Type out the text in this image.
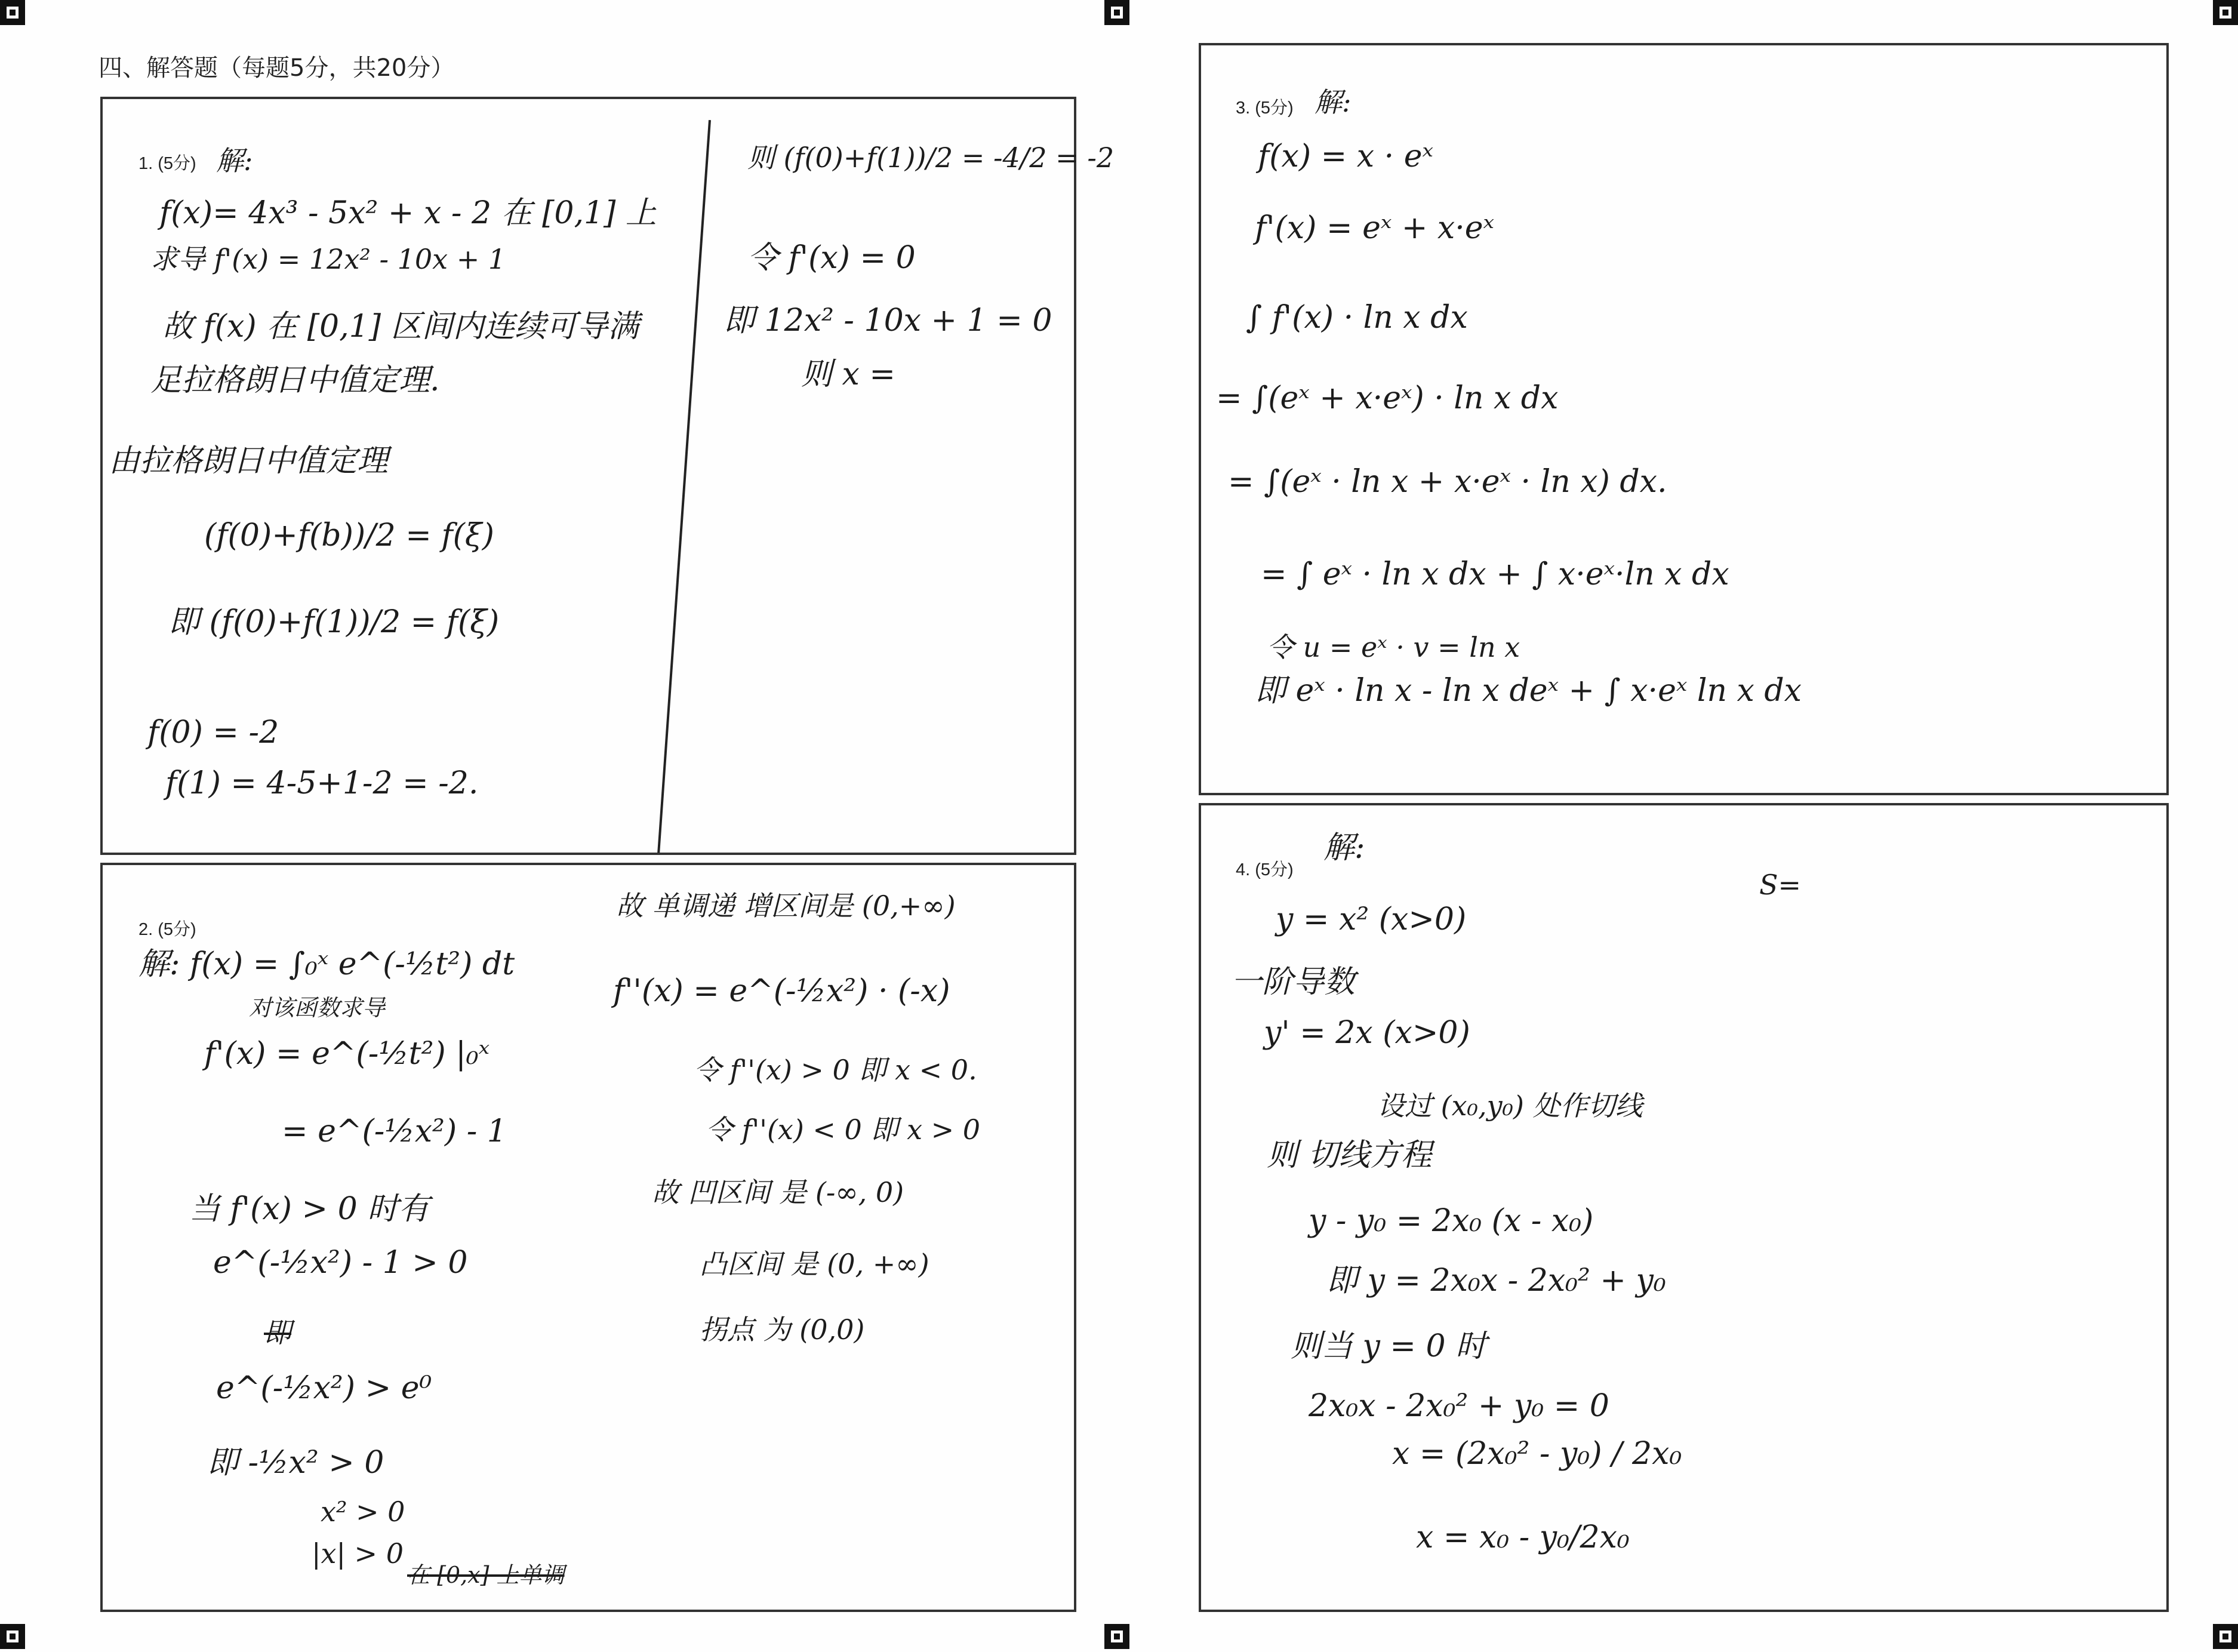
四、解答题（每题5分，共20分）
1. (5分) 解:
f(x)= 4x³ - 5x² + x - 2 在 [0,1] 上
求导 f'(x) = 12x² - 10x + 1
故 f(x) 在 [0,1] 区间内连续可导满
足拉格朗日中值定理.
由拉格朗日中值定理
(f(0)+f(b))/2 = f(ξ)
即 (f(0)+f(1))/2 = f(ξ)
f(0) = -2
f(1) = 4-5+1-2 = -2.
则 (f(0)+f(1))/2 = -4/2 = -2
令 f'(x) = 0
即 12x² - 10x + 1 = 0
则 x =
2. (5分)
解: f(x) = ∫₀ˣ e^(-½t²) dt
对该函数求导
f'(x) = e^(-½t²) |₀ˣ
= e^(-½x²) - 1
当 f'(x) > 0 时有
e^(-½x²) - 1 > 0
即
e^(-½x²) > e⁰
即 -½x² > 0
x² > 0
|x| > 0
在 [0,x] 上单调
故 单调递 增区间是 (0,+∞)
f''(x) = e^(-½x²) · (-x)
令 f''(x) > 0 即 x < 0.
令 f''(x) < 0 即 x > 0
故 凹区间 是 (-∞, 0)
凸区间 是 (0, +∞)
拐点 为 (0,0)
3. (5分) 解:
f(x) = x · eˣ
f'(x) = eˣ + x·eˣ
∫ f'(x) · ln x dx
= ∫(eˣ + x·eˣ) · ln x dx
= ∫(eˣ · ln x + x·eˣ · ln x) dx.
= ∫ eˣ · ln x dx + ∫ x·eˣ·ln x dx
令 u = eˣ · v = ln x
即 eˣ · ln x - ln x deˣ + ∫ x·eˣ ln x dx
4. (5分)
解:
S=
y = x² (x>0)
一阶导数
y' = 2x (x>0)
设过 (x₀,y₀) 处作切线
则 切线方程
y - y₀ = 2x₀ (x - x₀)
即 y = 2x₀x - 2x₀² + y₀
则当 y = 0 时
2x₀x - 2x₀² + y₀ = 0
x = (2x₀² - y₀) / 2x₀
x = x₀ - y₀/2x₀
